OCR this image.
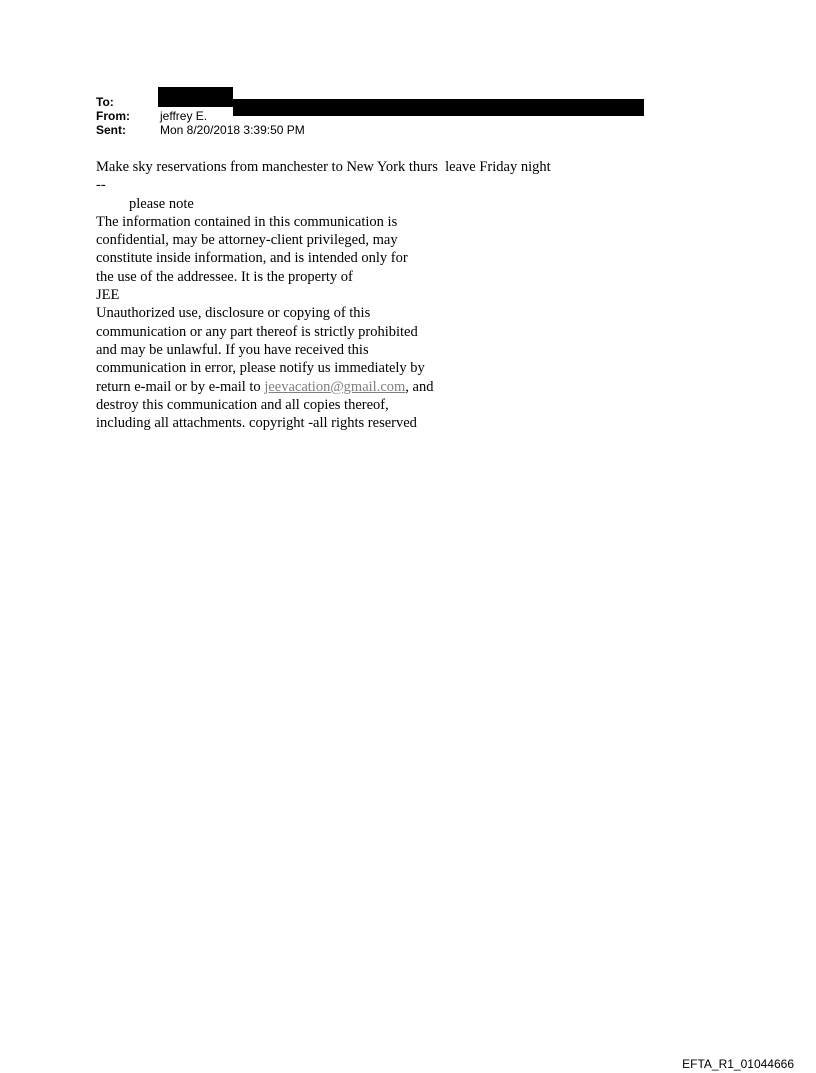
To:
From:	jeffrey E.
Sent:	Mon 8/20/2018 3:39:50 PM
Make sky reservations from manchester to New York thurs  leave Friday night
--
please note
The information contained in this communication is
confidential, may be attorney-client privileged, may
constitute inside information, and is intended only for
the use of the addressee. It is the property of
JEE
Unauthorized use, disclosure or copying of this
communication or any part thereof is strictly prohibited
and may be unlawful. If you have received this
communication in error, please notify us immediately by
return e-mail or by e-mail to jeevacation@gmail.com, and
destroy this communication and all copies thereof,
including all attachments. copyright -all rights reserved
EFTA_R1_01044666
